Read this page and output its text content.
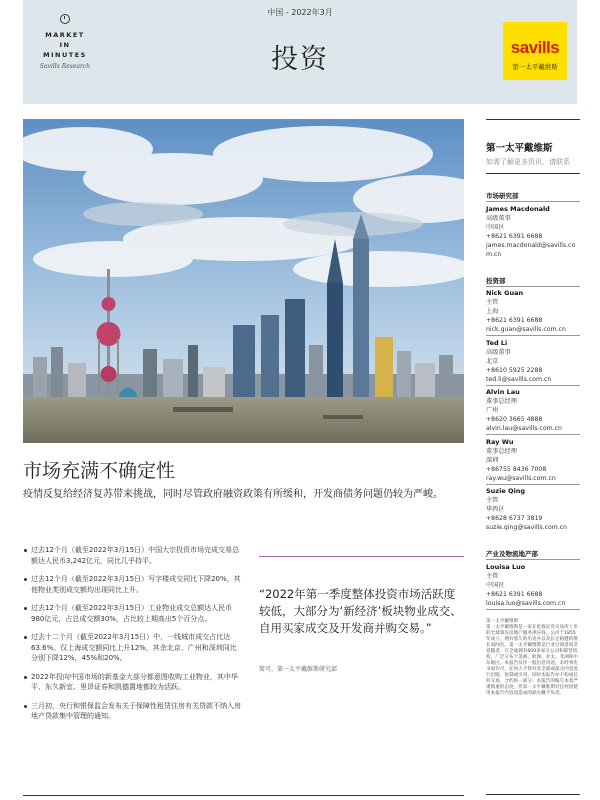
MARKET
IN
MINUTES
Savills Research
中国 - 2022年3月
投资	savills
第一太平戴维斯
市场充满不确定性
疫情反复给经济复苏带来挑战，同时尽管政府融资政策有所缓和，开发商债务问题仍较为严峻。
过去12个月（截至2022年3月15日）中国大宗投资市场完成交易总额达人民币3,242亿元，同比几乎持平。
过去12个月（截至2022年3月15日）写字楼成交同比下降20%，其他物业类别成交额均出现同比上升。
过去12个月（截至2022年3月15日）工业物业成交总额达人民币980亿元，占总成交额30%，占比较上期高出5个百分点。
过去十二个月（截至2022年3月15日）中，一线城市成交占比达63.6%。仅上海成交额同比上升12%，其余北京、广州和深圳同比分别下降12%，45%和20%。
2022年投向中国市场的新基金大部分都意图收购工业物业，其中华平、东久新宜、里昂证券和凯德置地都较为活跃。
三月初，央行和银保监会发布关于保障性租赁住房有关贷款不纳入房地产贷款集中管理的通知。
“2022年第一季度整体投资市场活跃度较低，大部分为‘新经济’板块物业成交、自用买家成交及开发商并购交易。”
简可，第一太平戴维斯研究部
第一太平戴维斯
如需了解更多资讯，请联系
市场研究部
James Macdonald
高级董事
中国区
+8621 6391 6688
james.macdonald@savills.com.cn
投资部
Nick Guan
主管
上海
+8621 6391 6688
nick.guan@savills.com.cn
Ted Li
高级董事
北京
+8610 5925 2288
ted.li@savills.com.cn
Alvin Lau
董事总经理
广州
+8620 3665 4888
alvin.lau@savills.com.cn
Ray Wu
董事总经理
深圳
+86755 8436 7008
ray.wu@savills.com.cn
Suzie Qing
主管
华西区
+8628 6737 3819
suzie.qing@savills.com.cn
产业及物流地产部
Louisa Luo
主管
中国区
+8621 6391 6688
louisa.luo@savills.com.cn
第一太平戴维斯
第一太平戴维斯是一家在伦敦证券交易所上市的全球领先房地产服务供应商。公司于1855年成立，拥有悠久的历史并以及长足稳健的增长而闻名。第一太平戴维斯是行业引领者而非追随者，在全球拥有600多家分公司和联营机构，广泛分布于美洲、欧洲、亚太、非洲和中东地区。本报告仅作一般信息用途。未经事先书面许可，任何人不得对其全部或部分内容进行出版、复制或引用。同时本报告亦不构成任何交易、合约的一部分。本报告的编写本着严谨慎重的态度，但第一太平戴维斯对任何因使用本报告内容而造成的损失概不负责。
